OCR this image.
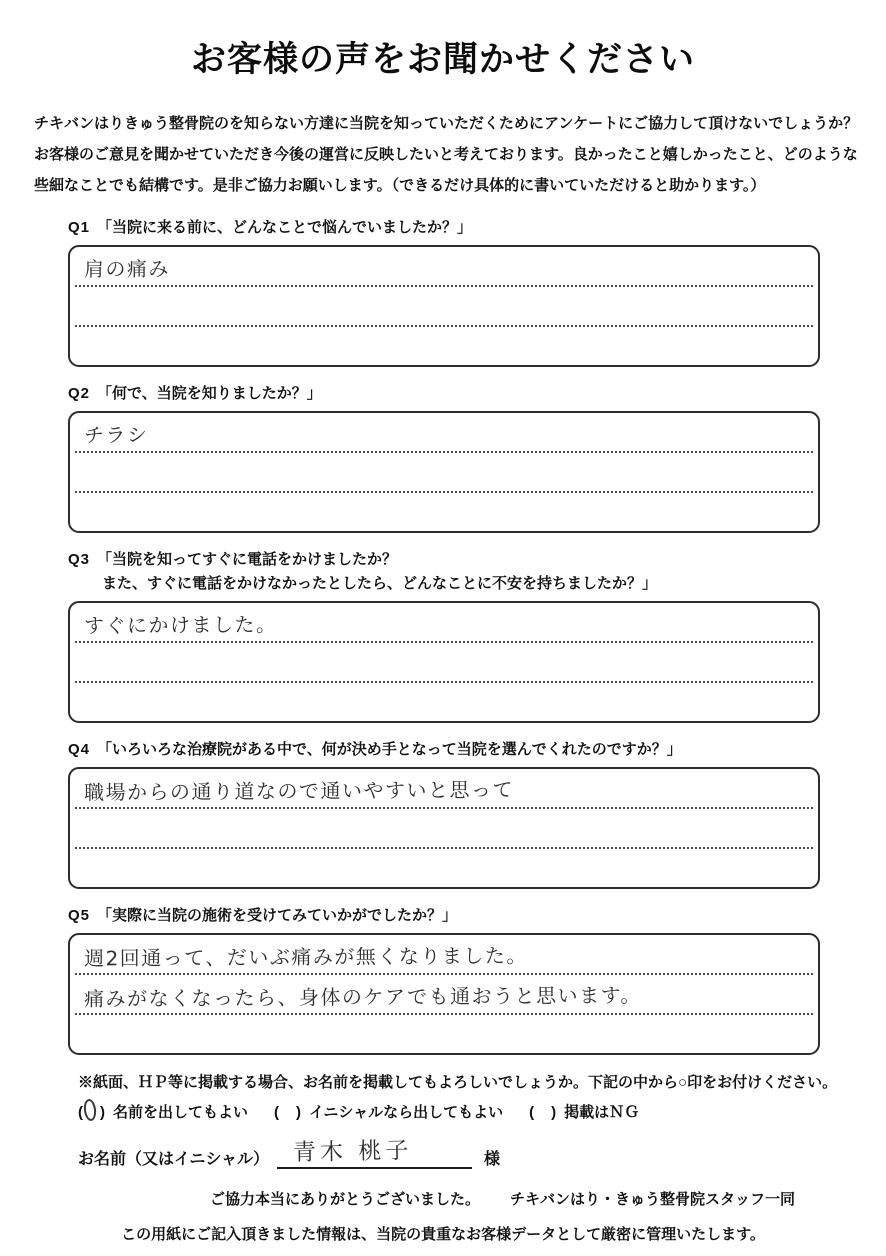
お客様の声をお聞かせください
チキバンはりきゅう整骨院のを知らない方達に当院を知っていただくためにアンケートにご協力して頂けないでしょうか？
お客様のご意見を聞かせていただき今後の運営に反映したいと考えております。良かったこと嬉しかったこと、どのような
些細なことでも結構です。是非ご協力お願いします。（できるだけ具体的に書いていただけると助かります。）
Q1 「当院に来る前に、どんなことで悩んでいましたか？」
肩の痛み
Q2 「何で、当院を知りましたか？」
チラシ
Q3 「当院を知ってすぐに電話をかけましたか？
また、すぐに電話をかけなかったとしたら、どんなことに不安を持ちましたか？」
すぐにかけました。
Q4 「いろいろな治療院がある中で、何が決め手となって当院を選んでくれたのですか？」
職場からの通り道なので通いやすいと思って
Q5 「実際に当院の施術を受けてみていかがでしたか？」
週2回通って、だいぶ痛みが無くなりました。
痛みがなくなったら、身体のケアでも通おうと思います。
※紙面、ＨＰ等に掲載する場合、お名前を掲載してもよろしいでしょうか。下記の中から○印をお付けください。
(　) 名前を出してもよい (　) イニシャルなら出してもよい (　) 掲載はＮＧ
お名前（又はイニシャル） 青木 桃子	様
ご協力本当にありがとうございました。 チキバンはり・きゅう整骨院スタッフ一同
この用紙にご記入頂きました情報は、当院の貴重なお客様データとして厳密に管理いたします。
